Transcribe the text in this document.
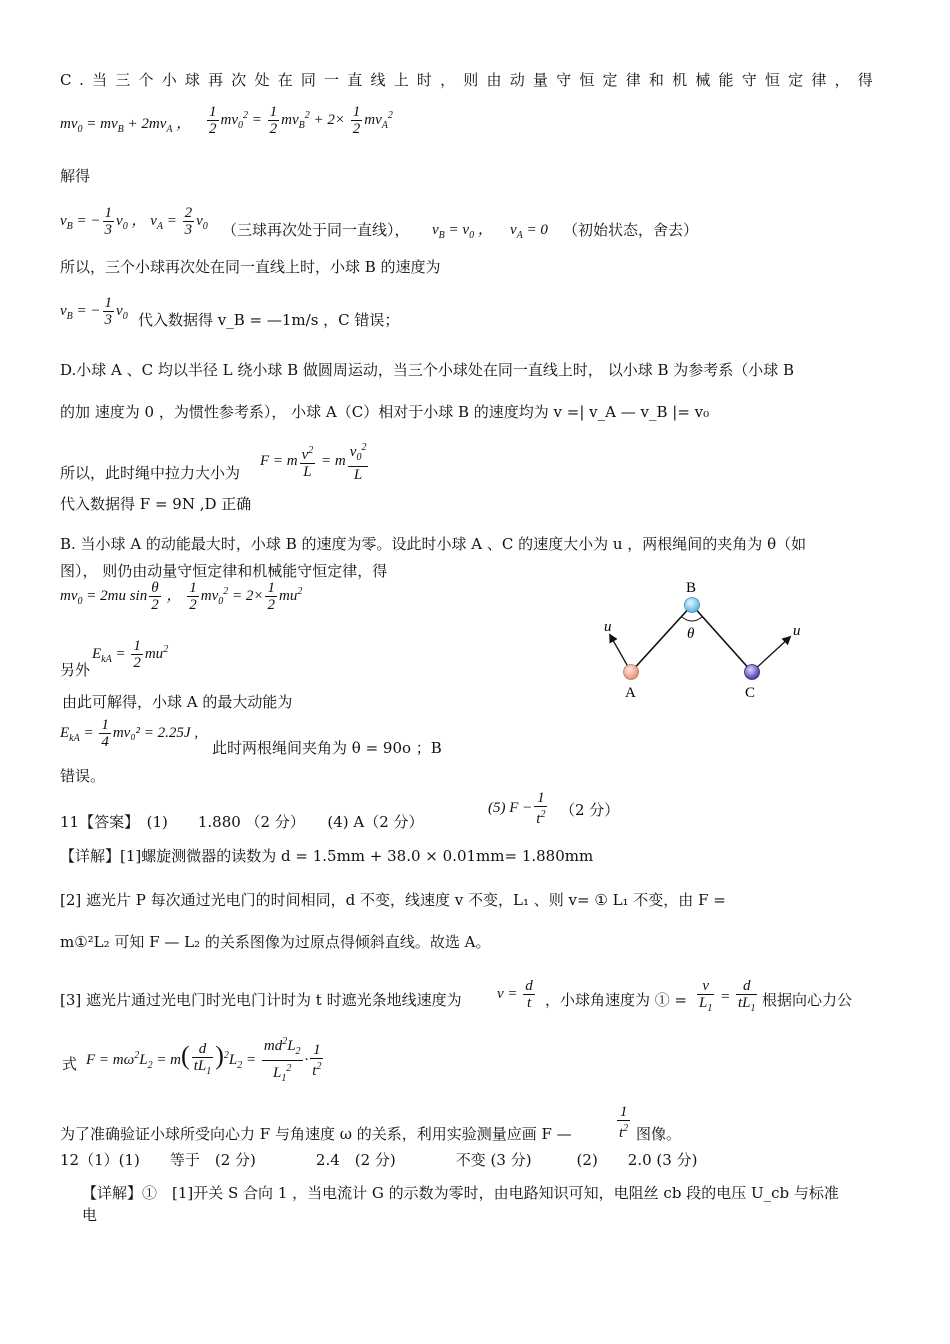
C.当三个小球再次处在同一直线上时，则由动量守恒定律和机械能守恒定律，得
$mv_0 = mv_B + 2mv_A$ ， $\frac{1}{2} mv_0^2 = \frac{1}{2} mv_B^2 + 2\times \frac{1}{2} mv_A^2$
解得
$v_B$ = − $\frac{1}{3} v_0$ ， $v_A = \frac{2}{3} v_0$ （三球再次处于同一直线）， $v_B = v_0$ ， $v_A = 0$ （初始状态，舍去）
所以，三个小球再次处在同一直线上时，小球 B 的速度为
$v_B$ = − $\frac{1}{3} v_0$ 代入数据得 v_B = —1m/s ，C 错误；
D.小球 A 、C 均以半径 L 绕小球 B 做圆周运动，当三个小球处在同一直线上时， 以小球 B 为参考系（小球 B
的加 速度为 0 ，为惯性参考系）， 小球 A（C）相对于小球 B 的速度均为 v =| v_A — v_B |= v₀
所以，此时绳中拉力大小为
F = m $\frac{v^2}{L} = m \frac{v_0^2}{L}$
代入数据得 F = 9N ,D 正确
B. 当小球 A 的动能最大时，小球 B 的速度为零。设此时小球 A 、C 的速度大小为 u ，两根绳间的夹角为 θ（如
图）， 则仍由动量守恒定律和机械能守恒定律，得
$mv_0 = 2mu$ $\sin \frac{\theta}{2}$ ， $\frac{1}{2} mv_0^2 = 2\times \frac{1}{2} mu^2$
另外
$E_{kA} = \frac{1}{2} mu^2$
由此可解得，小球 A 的最大动能为
$E_{kA} = \frac{1}{4} mv_0^2 = 2.25J$ ,
此时两根绳间夹角为 θ = 90o ；B
错误。
B
A	C
θ
u	u
11【答案】　(1)　　1.880 （2 分）　　(4) A（2 分）
(5) $F - \frac{1}{t^2} (2$ 分）
【详解】[1]螺旋测微器的读数为 d = 1.5mm + 38.0 × 0.01mm= 1.880mm
[2] 遮光片 P 每次通过光电门的时间相同，d 不变，线速度 v 不变，L₁ 、则 v= ① L₁ 不变，由 F =
m①²L₂ 可知 F — L₂ 的关系图像为过原点得倾斜直线。故选 A。
[3] 遮光片通过光电门时光电门计时为 t 时遮光条地线速度为 $v = \frac{d}{t}$ ，小球角速度为 ① = $\frac{v}{L_1} = \frac{d}{tL_1}$ 根据向心力公
式 $F = m\omega^2L_2 = m( \frac{d}{tL_1} )^2L_2 = \frac{md^2L_2}{L_1^2} \cdot \frac{1}{t^2}$
为了准确验证小球所受向心力 F 与角速度 ω 的关系，利用实验测量应画 F —	$\frac{1}{t^2}$ 图像。
12（1）(1)　　等于　(2 分)　　　　2.4　(2 分)　　　　不变 (3 分)　　　(2)　　2.0 (3 分)
【详解】①　[1]开关 S 合向 1 ，当电流计 G 的示数为零时，由电路知识可知，电阻丝 cb 段的电压 U_cb 与标准
电
